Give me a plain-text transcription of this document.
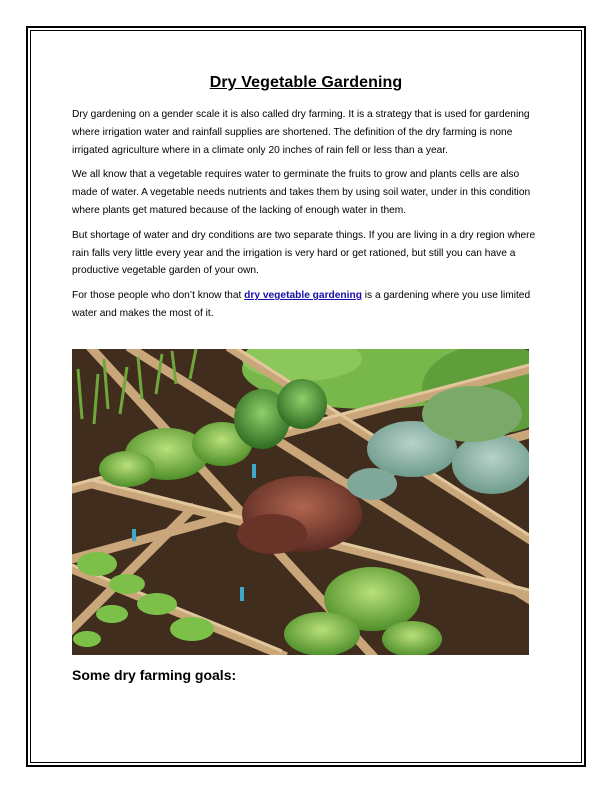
Dry Vegetable Gardening

Dry gardening on a gender scale it is also called dry farming. It is a strategy that is used for gardening where irrigation water and rainfall supplies are shortened. The definition of the dry farming is none irrigated agriculture where in a climate only 20 inches of rain fell or less than a year.

We all know that a vegetable requires water to germinate the fruits to grow and plants cells are also made of water. A vegetable needs nutrients and takes them by using soil water, under in this condition where plants get matured because of the lacking of enough water in them.

But shortage of water and dry conditions are two separate things. If you are living in a dry region where rain falls very little every year and the irrigation is very hard or get rationed, but still you can have a productive vegetable garden of your own.

For those people who don’t know that dry vegetable gardening is a gardening where you use limited water and makes the most of it.

Some dry farming goals:
